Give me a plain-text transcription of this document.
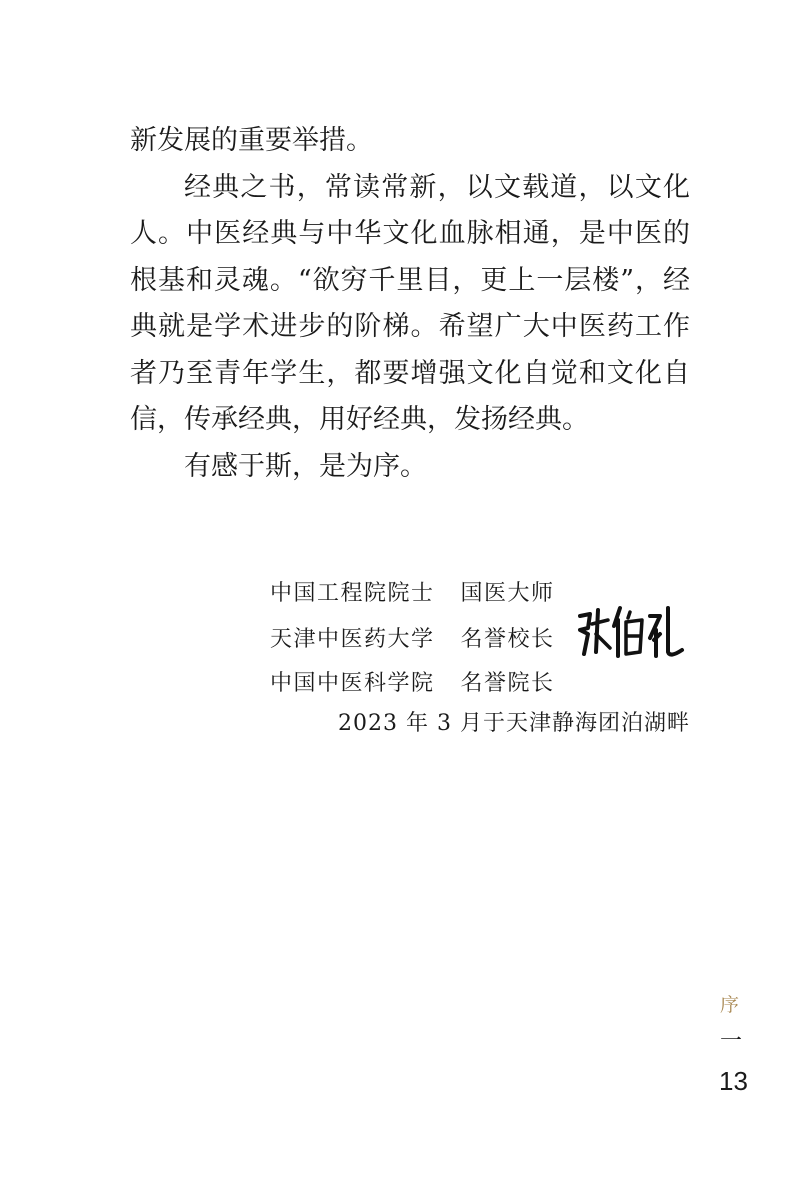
新发展的重要举措。

经典之书，常读常新，以文载道，以文化人。中医经典与中华文化血脉相通，是中医的根基和灵魂。“欲穷千里目，更上一层楼”，经典就是学术进步的阶梯。希望广大中医药工作者乃至青年学生，都要增强文化自觉和文化自信，传承经典，用好经典，发扬经典。

有感于斯，是为序。

中国工程院院士 国医大师
天津中医药大学 名誉校长
中国中医科学院 名誉院长
2023 年 3 月于天津静海团泊湖畔
序
一
13
